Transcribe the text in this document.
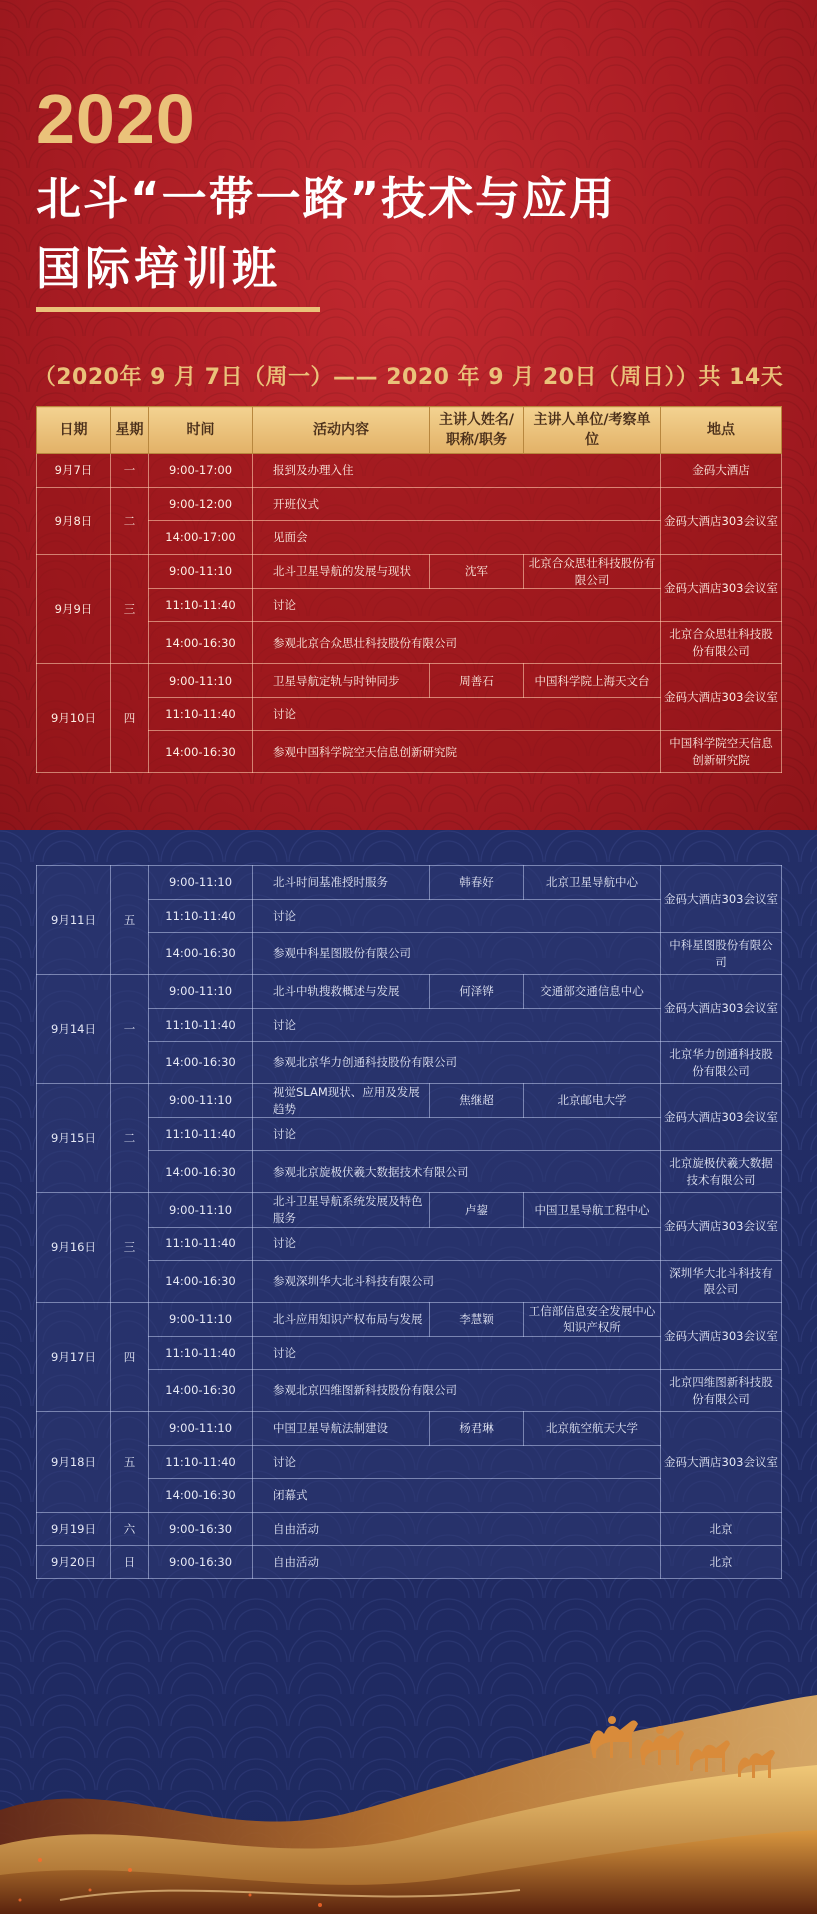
2020
北斗“一带一路”技术与应用
国际培训班
（2020年 9 月 7日（周一）—— 2020 年 9 月 20日（周日））共 14天
日期	星期	时间	活动内容	主讲人姓名/职称/职务	主讲人单位/考察单位	地点
9月7日	一	9:00-17:00	报到及办理入住			金码大酒店
9月8日	二	9:00-12:00	开班仪式			金码大酒店303会议室
		14:00-17:00	见面会			
9月9日	三	9:00-11:10	北斗卫星导航的发展与现状	沈军	北京合众思壮科技股份有限公司	金码大酒店303会议室
		11:10-11:40	讨论			
		14:00-16:30	参观北京合众思壮科技股份有限公司			北京合众思壮科技股份有限公司
9月10日	四	9:00-11:10	卫星导航定轨与时钟同步	周善石	中国科学院上海天文台	金码大酒店303会议室
		11:10-11:40	讨论			
		14:00-16:30	参观中国科学院空天信息创新研究院			中国科学院空天信息创新研究院
9月11日	五	9:00-11:10	北斗时间基准授时服务	韩春好	北京卫星导航中心	金码大酒店303会议室
		11:10-11:40	讨论			
		14:00-16:30	参观中科星图股份有限公司			中科星图股份有限公司
9月14日	一	9:00-11:10	北斗中轨搜救概述与发展	何泽铧	交通部交通信息中心	金码大酒店303会议室
		11:10-11:40	讨论			
		14:00-16:30	参观北京华力创通科技股份有限公司			北京华力创通科技股份有限公司
9月15日	二	9:00-11:10	视觉SLAM现状、应用及发展趋势	焦继超	北京邮电大学	金码大酒店303会议室
		11:10-11:40	讨论			
		14:00-16:30	参观北京旋极伏羲大数据技术有限公司			北京旋极伏羲大数据技术有限公司
9月16日	三	9:00-11:10	北斗卫星导航系统发展及特色服务	卢鋆	中国卫星导航工程中心	金码大酒店303会议室
		11:10-11:40	讨论			
		14:00-16:30	参观深圳华大北斗科技有限公司			深圳华大北斗科技有限公司
9月17日	四	9:00-11:10	北斗应用知识产权布局与发展	李慧颖	工信部信息安全发展中心知识产权所	金码大酒店303会议室
		11:10-11:40	讨论			
		14:00-16:30	参观北京四维图新科技股份有限公司			北京四维图新科技股份有限公司
9月18日	五	9:00-11:10	中国卫星导航法制建设	杨君琳	北京航空航天大学	金码大酒店303会议室
		11:10-11:40	讨论			
		14:00-16:30	闭幕式			
9月19日	六	9:00-16:30	自由活动			北京
9月20日	日	9:00-16:30	自由活动			北京
